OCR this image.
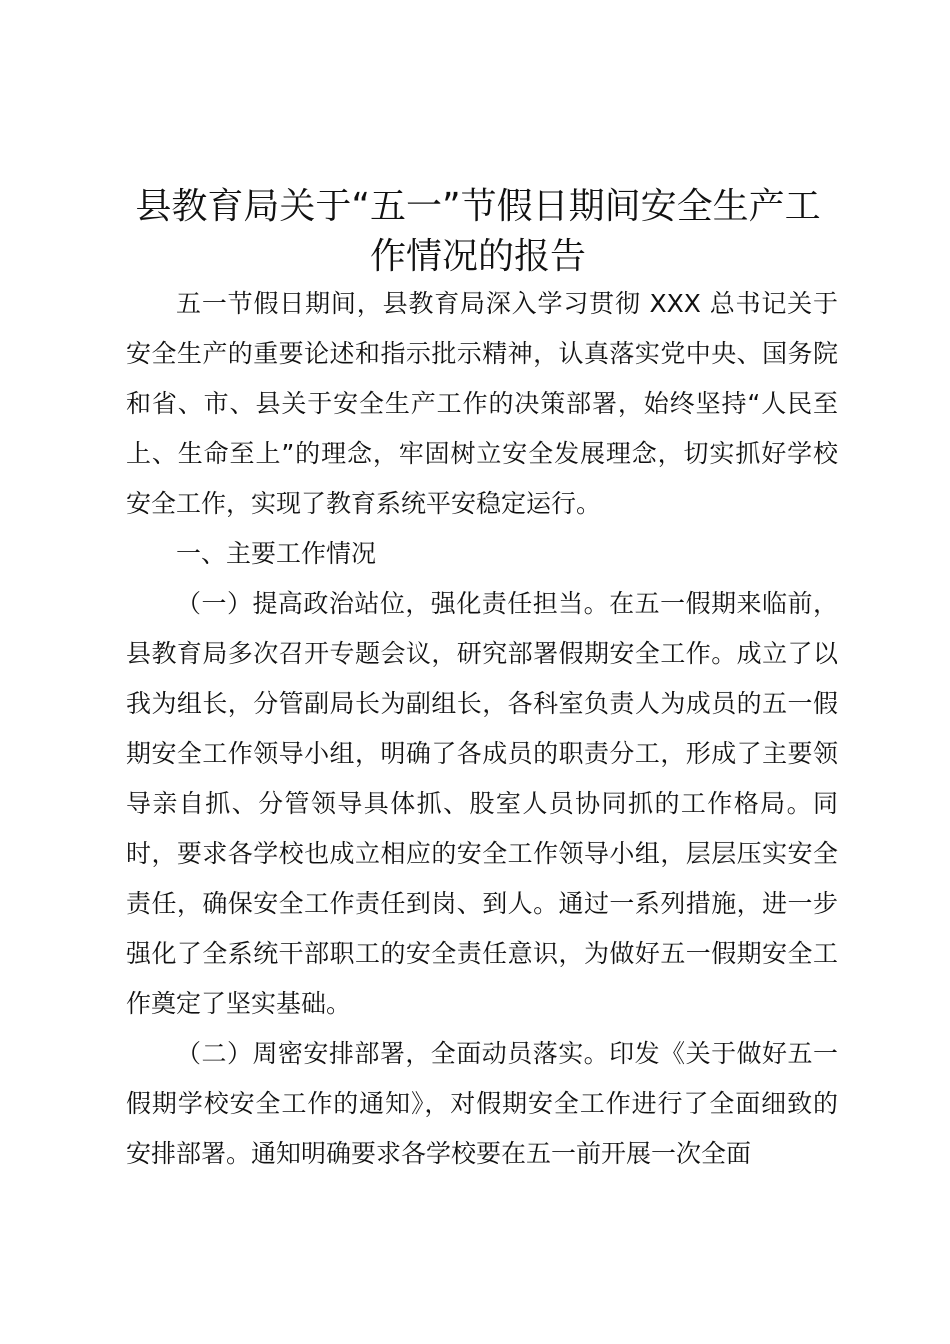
县教育局关于“五一”节假日期间安全生产工作情况的报告

五一节假日期间，县教育局深入学习贯彻 XXX 总书记关于安全生产的重要论述和指示批示精神，认真落实党中央、国务院和省、市、县关于安全生产工作的决策部署，始终坚持“人民至上、生命至上”的理念，牢固树立安全发展理念，切实抓好学校安全工作，实现了教育系统平安稳定运行。

一、主要工作情况

（一）提高政治站位，强化责任担当。在五一假期来临前，县教育局多次召开专题会议，研究部署假期安全工作。成立了以我为组长，分管副局长为副组长，各科室负责人为成员的五一假期安全工作领导小组，明确了各成员的职责分工，形成了主要领导亲自抓、分管领导具体抓、股室人员协同抓的工作格局。同时，要求各学校也成立相应的安全工作领导小组，层层压实安全责任，确保安全工作责任到岗、到人。通过一系列措施，进一步强化了全系统干部职工的安全责任意识，为做好五一假期安全工作奠定了坚实基础。

（二）周密安排部署，全面动员落实。印发《关于做好五一假期学校安全工作的通知》，对假期安全工作进行了全面细致的安排部署。通知明确要求各学校要在五一前开展一次全面
